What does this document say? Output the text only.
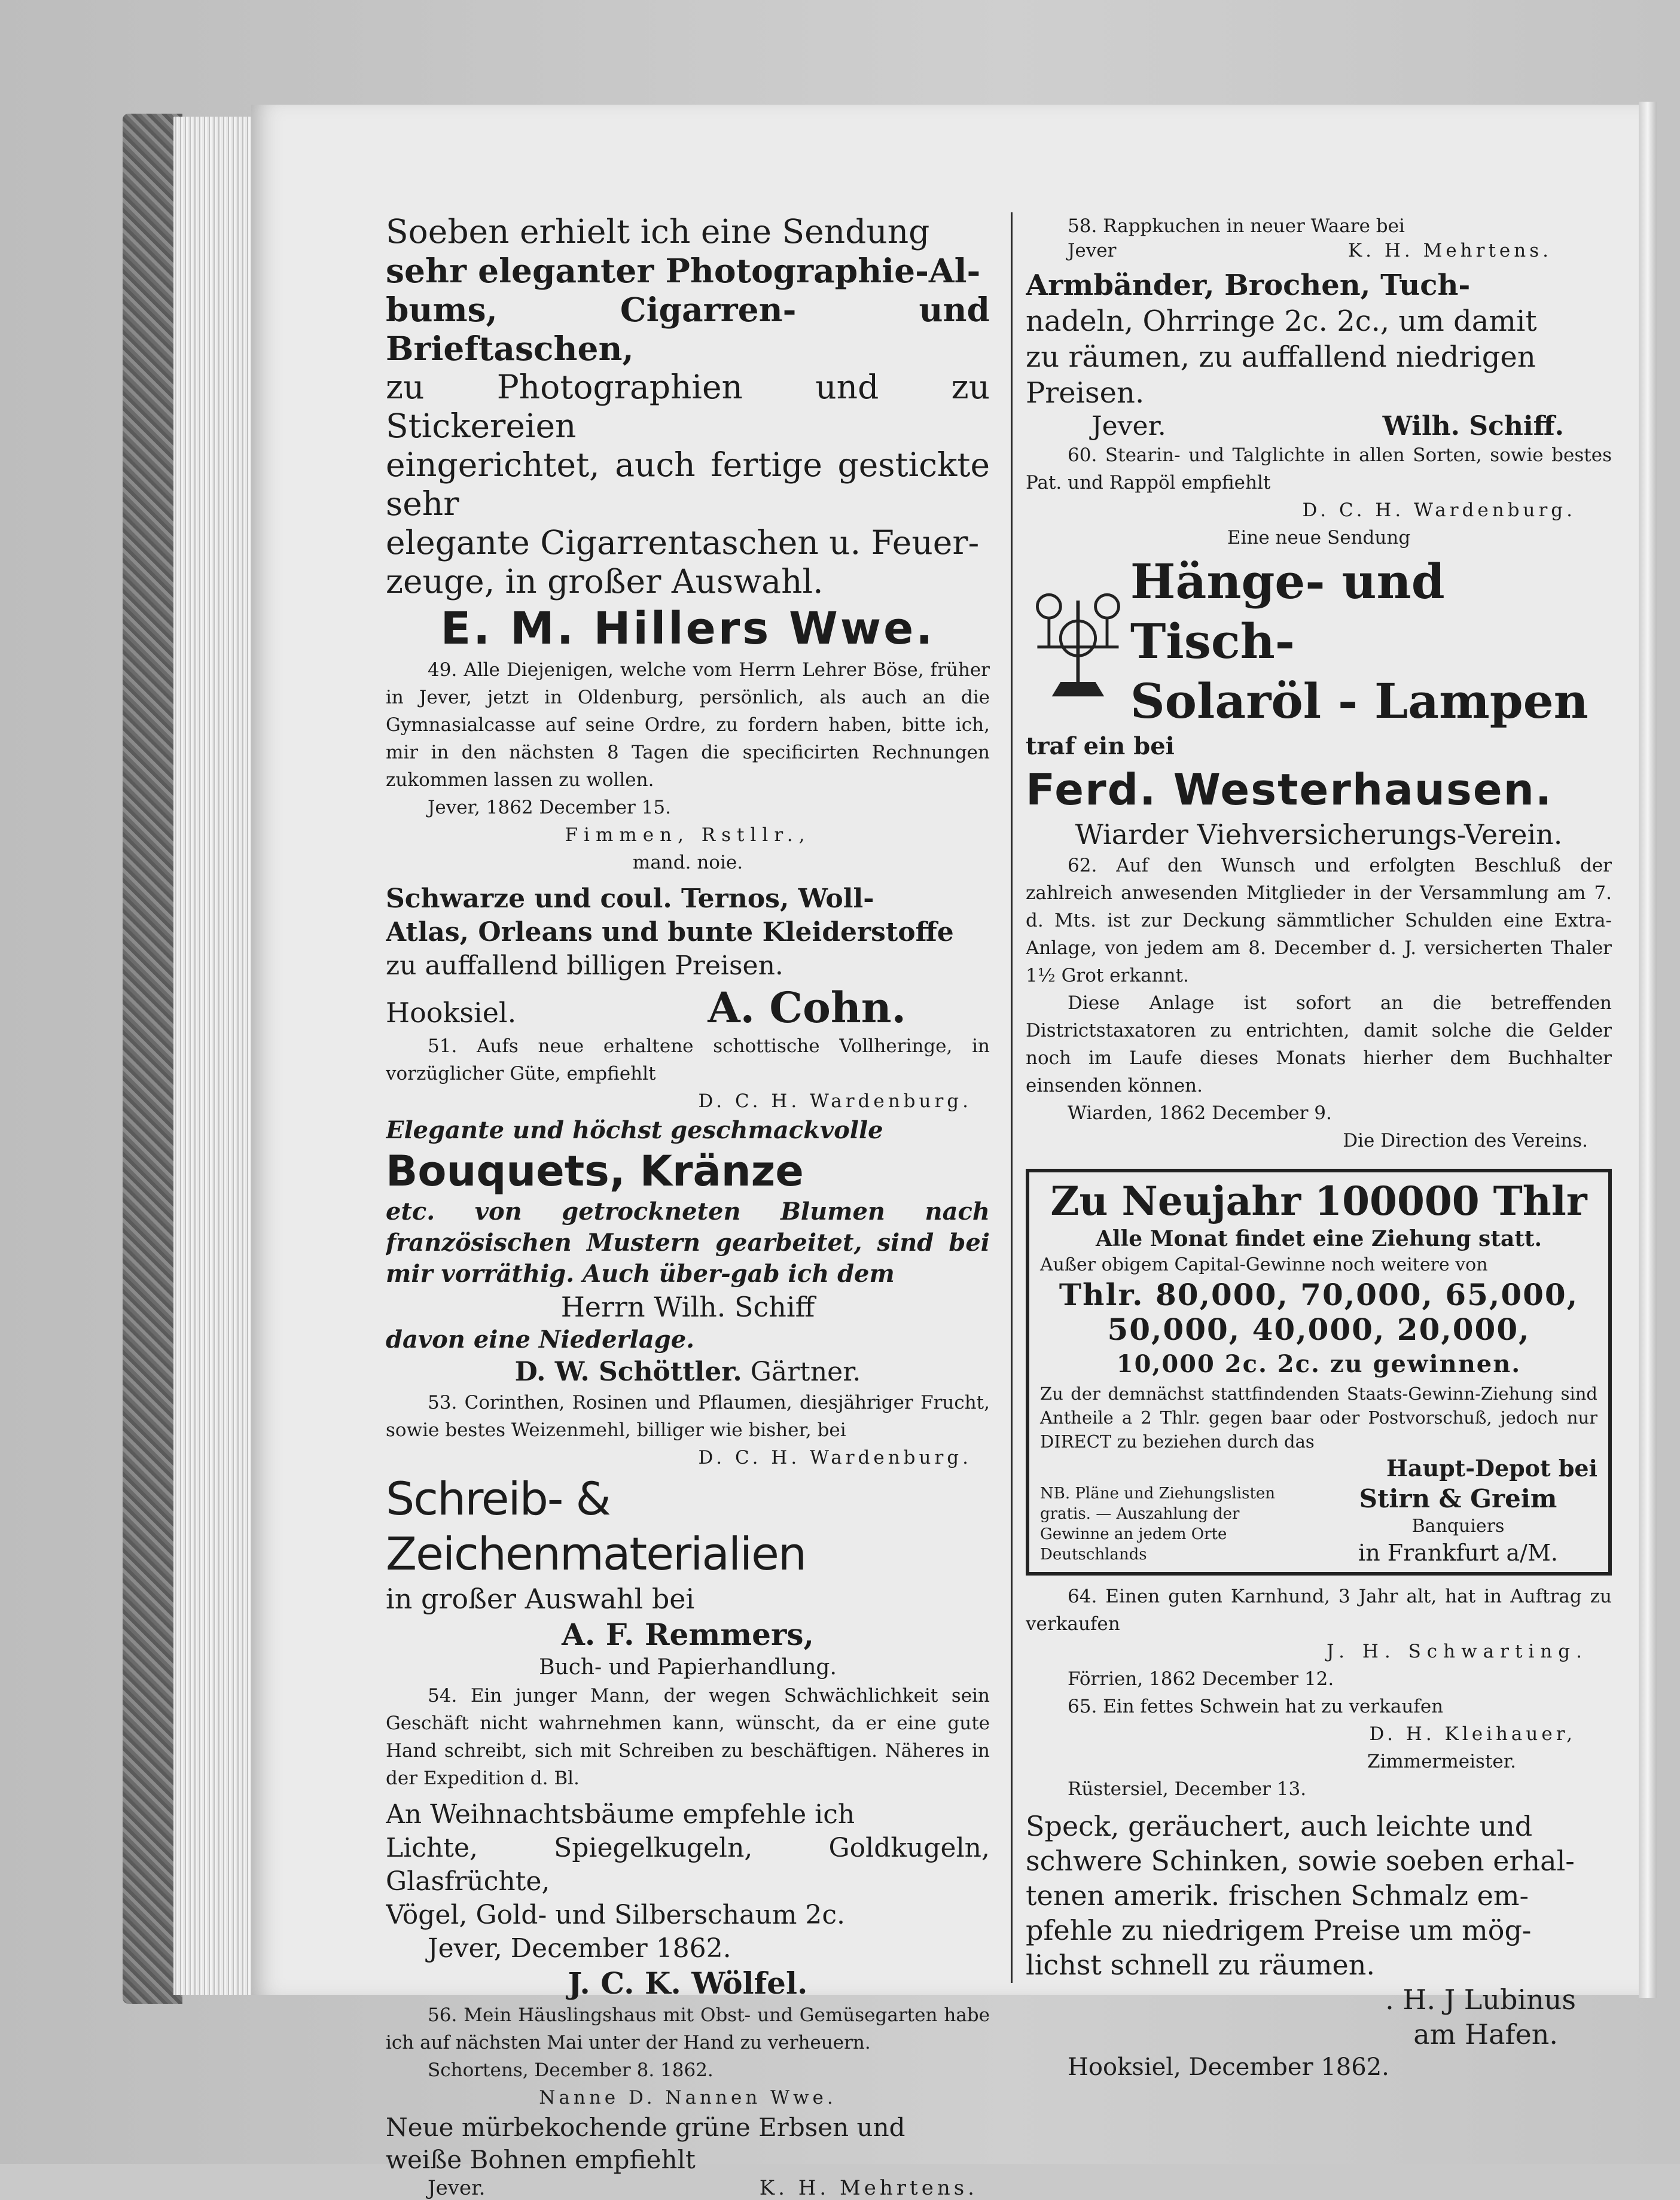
Soeben erhielt ich eine Sendung

sehr eleganter Photographie-Al-

bums, Cigarren- und Brieftaschen,

zu Photographien und zu Stickereien

eingerichtet, auch fertige gestickte sehr

elegante Cigarrentaschen u. Feuer-

zeuge, in großer Auswahl.

E. M. Hillers Wwe.

49. Alle Diejenigen, welche vom Herrn Lehrer Böse, früher in Jever, jetzt in Oldenburg, persönlich, als auch an die Gymnasialcasse auf seine Ordre, zu fordern haben, bitte ich, mir in den nächsten 8 Tagen die specificirten Rechnungen zukommen lassen zu wollen.

Jever, 1862 December 15.

Fimmen, Rstllr.,

mand. noie.

Schwarze und coul. Ternos, Woll-

Atlas, Orleans und bunte Kleiderstoffe

zu auffallend billigen Preisen.

Hooksiel.	A. Cohn.

51. Aufs neue erhaltene schottische Vollheringe, in vorzüglicher Güte, empfiehlt

D. C. H. Wardenburg.

Elegante und höchst geschmackvolle

Bouquets, Kränze

etc. von getrockneten Blumen nach französischen Mustern gearbeitet, sind bei mir vorräthig. Auch über-gab ich dem

Herrn Wilh. Schiff

davon eine Niederlage.

D. W. Schöttler. Gärtner.

53. Corinthen, Rosinen und Pflaumen, diesjähriger Frucht, sowie bestes Weizenmehl, billiger wie bisher, bei

D. C. H. Wardenburg.

Schreib- & Zeichenmaterialien

in großer Auswahl bei

A. F. Remmers,

Buch- und Papierhandlung.

54. Ein junger Mann, der wegen Schwächlichkeit sein Geschäft nicht wahrnehmen kann, wünscht, da er eine gute Hand schreibt, sich mit Schreiben zu beschäftigen. Näheres in der Expedition d. Bl.

An Weihnachtsbäume empfehle ich

Lichte, Spiegelkugeln, Goldkugeln, Glasfrüchte,

Vögel, Gold- und Silberschaum 2c.

Jever, December 1862.

J. C. K. Wölfel.

56. Mein Häuslingshaus mit Obst- und Gemüsegarten habe ich auf nächsten Mai unter der Hand zu verheuern.

Schortens, December 8. 1862.

Nanne D. Nannen Wwe.

Neue mürbekochende grüne Erbsen und

weiße Bohnen empfiehlt

Jever.	K. H. Mehrtens.

58. Rappkuchen in neuer Waare bei

Jever	K. H. Mehrtens.

Armbänder, Brochen, Tuch-

nadeln, Ohrringe 2c. 2c., um damit

zu räumen, zu auffallend niedrigen

Preisen.

Jever.	Wilh. Schiff.

60. Stearin- und Talglichte in allen Sorten, sowie bestes Pat. und Rappöl empfiehlt

D. C. H. Wardenburg.

Eine neue Sendung

Hänge- und Tisch-

Solaröl - Lampen

traf ein bei

Ferd. Westerhausen.

Wiarder Viehversicherungs-Verein.

62. Auf den Wunsch und erfolgten Beschluß der zahlreich anwesenden Mitglieder in der Versammlung am 7. d. Mts. ist zur Deckung sämmtlicher Schulden eine Extra-Anlage, von jedem am 8. December d. J. versicherten Thaler 1½ Grot erkannt.

Diese Anlage ist sofort an die betreffenden Districtstaxatoren zu entrichten, damit solche die Gelder noch im Laufe dieses Monats hierher dem Buchhalter einsenden können.

Wiarden, 1862 December 9.

Die Direction des Vereins.

Zu Neujahr 100000 Thlr

Alle Monat findet eine Ziehung statt.

Außer obigem Capital-Gewinne noch weitere von

Thlr. 80,000, 70,000, 65,000,

50,000, 40,000, 20,000,

10,000 2c. 2c. zu gewinnen.

Zu der demnächst stattfindenden Staats-Gewinn-Ziehung sind Antheile a 2 Thlr. gegen baar oder Postvorschuß, jedoch nur DIRECT zu beziehen durch das

Haupt-Depot bei

NB. Pläne und Ziehungslisten gratis. — Auszahlung der Gewinne an jedem Orte Deutschlands

Stirn & Greim

Banquiers

in Frankfurt a/M.

64. Einen guten Karnhund, 3 Jahr alt, hat in Auftrag zu verkaufen

J. H. Schwarting.

Förrien, 1862 December 12.

65. Ein fettes Schwein hat zu verkaufen

D. H. Kleihauer,

Zimmermeister.

Rüstersiel, December 13.

Speck, geräuchert, auch leichte und

schwere Schinken, sowie soeben erhal-

tenen amerik. frischen Schmalz em-

pfehle zu niedrigem Preise um mög-

lichst schnell zu räumen.

. H. J Lubinus

am Hafen.

Hooksiel, December 1862.
